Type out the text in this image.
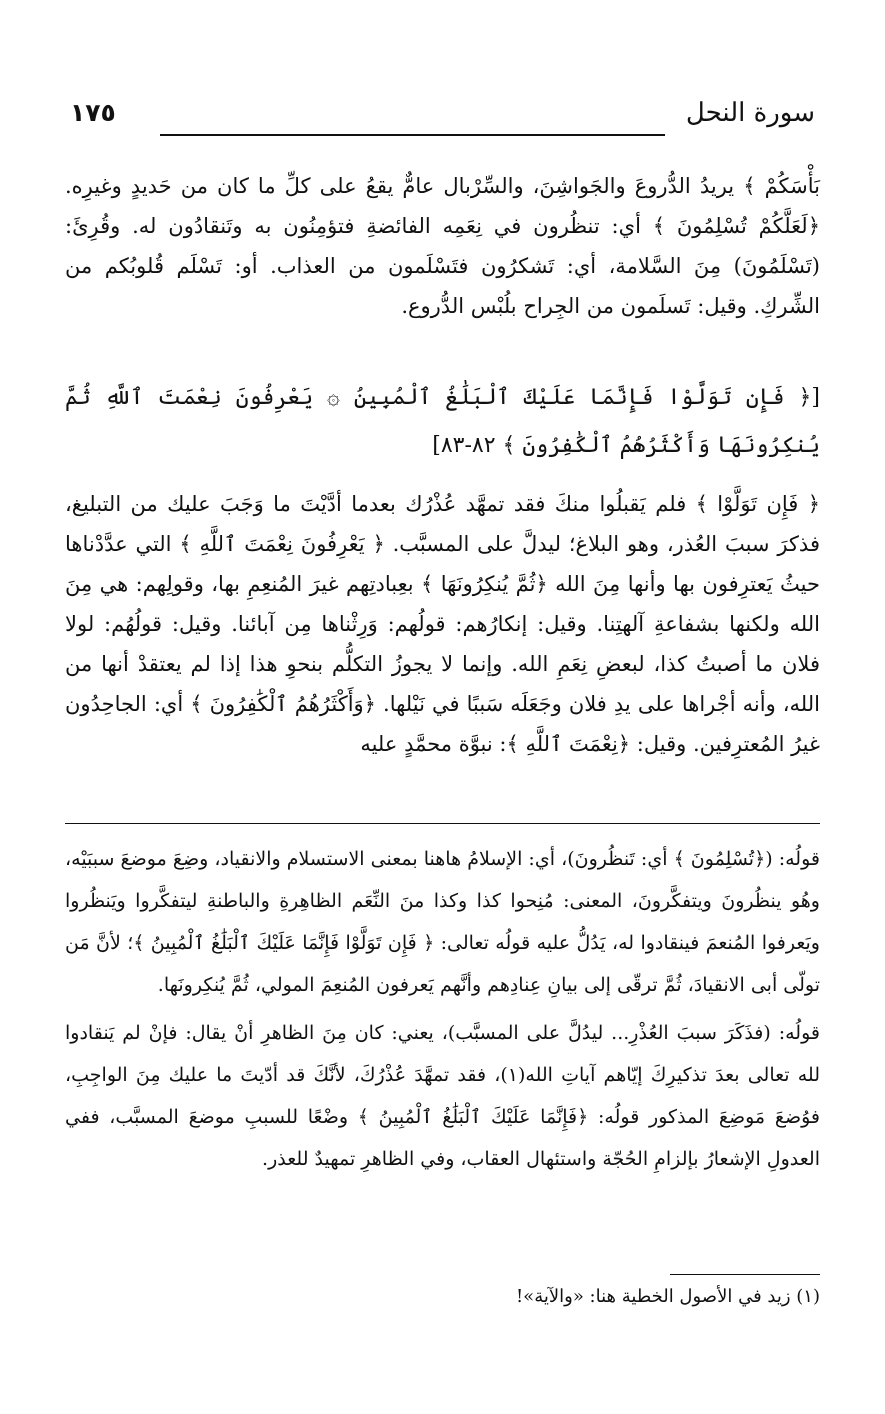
سورة النحل
١٧٥

بَأْسَكُمْ ﴾ يريدُ الدُّروعَ والجَواشِنَ، والسِّرْبال عامٌّ يقعُ على كلِّ ما كان من حَديدٍ وغيرِه. ﴿لَعَلَّكُمْ تُسْلِمُونَ ﴾ أي: تنظُرون في نِعَمِه الفائضةِ فتؤمِنُون به وتَنقادُون له. وقُرِئَ: (تَسْلَمُونَ) مِنَ السَّلامة، أي: تَشكرُون فتَسْلَمون من العذاب. أو: تَسْلَم قُلوبُكم من الشِّركِ. وقيل: تَسلَمون من الجِراح بلُبْس الدُّروع.

[﴿ فَإِن تَوَلَّوْا فَإِنَّمَا عَلَيْكَ ٱلْبَلَٰغُ ٱلْمُبِينُ ۞ يَعْرِفُونَ نِعْمَتَ ٱللَّهِ ثُمَّ يُنكِرُونَهَا وَأَكْثَرُهُمُ ٱلْكَٰفِرُونَ ﴾ ٨٢-٨٣]

﴿ فَإِن تَوَلَّوْا ﴾ فلم يَقبلُوا منكَ فقد تمهَّد عُذْرُك بعدما أدَّيْتَ ما وَجَبَ عليك من التبليغ، فذكرَ سببَ العُذر، وهو البلاغ؛ ليدلَّ على المسبَّب. ﴿ يَعْرِفُونَ نِعْمَتَ ٱللَّهِ ﴾ التي عدَّدْناها حيثُ يَعترِفون بها وأنها مِنَ الله ﴿ثُمَّ يُنكِرُونَهَا ﴾ بعِبادتِهم غيرَ المُنعِمِ بها، وقولِهم: هي مِنَ الله ولكنها بشفاعةِ آلهتِنا. وقيل: إنكارُهم: قولُهم: وَرِثْناها مِن آبائنا. وقيل: قولُهُم: لولا فلان ما أصبتُ كذا، لبعضِ نِعَمِ الله. وإنما لا يجوزُ التكلُّم بنحوِ هذا إذا لم يعتقدْ أنها من الله، وأنه أجْراها على يدِ فلان وجَعَلَه سَببًا في نَيْلها. ﴿وَأَكْثَرُهُمُ ٱلْكَٰفِرُونَ ﴾ أي: الجاحِدُون غيرُ المُعترِفين. وقيل: ﴿نِعْمَتَ ٱللَّهِ ﴾: نبوَّة محمَّدٍ عليه

قولُه: (﴿تُسْلِمُونَ ﴾ أي: تَنظُرونَ)، أي: الإسلامُ هاهنا بمعنى الاستسلام والانقياد، وضِعَ موضعَ سببَيْه، وهُو ينظُرونَ ويتفكَّرونَ، المعنى: مُنِحوا كذا وكذا منَ النِّعَم الظاهِرةِ والباطنةِ ليتفكَّروا ويَنظُروا ويَعرفوا المُنعمَ فينقادوا له، يَدُلُّ عليه قولُه تعالى: ﴿ فَإِن تَوَلَّوْا فَإِنَّمَا عَلَيْكَ ٱلْبَلَٰغُ ٱلْمُبِينُ ﴾؛ لأنَّ مَن تولّى أبى الانقيادَ، ثُمَّ ترقّى إلى بيانِ عِنادِهم وأنَّهم يَعرفون المُنعِمَ المولي، ثُمَّ يُنكِرونَها.

قولُه: (فذَكَرَ سببَ العُذْرِ... ليدُلَّ على المسبَّب)، يعني: كان مِنَ الظاهرِ أنْ يقال: فإنْ لم يَنقادوا لله تعالى بعدَ تذكيرِكَ إيّاهم آياتِ الله(١)، فقد تمهَّدَ عُذْرُكَ، لأنَّكَ قد أدّيتَ ما عليك مِنَ الواجِبِ، فوُضعَ مَوضِعَ المذكور قولُه: ﴿فَإِنَّمَا عَلَيْكَ ٱلْبَلَٰغُ ٱلْمُبِينُ ﴾ وضْعًا للسببِ موضعَ المسبَّب، ففي العدولِ الإشعارُ بإلزامِ الحُجّة واستئهال العقاب، وفي الظاهرِ تمهيدٌ للعذر.

(١) زيد في الأصول الخطية هنا: «والآية»!
